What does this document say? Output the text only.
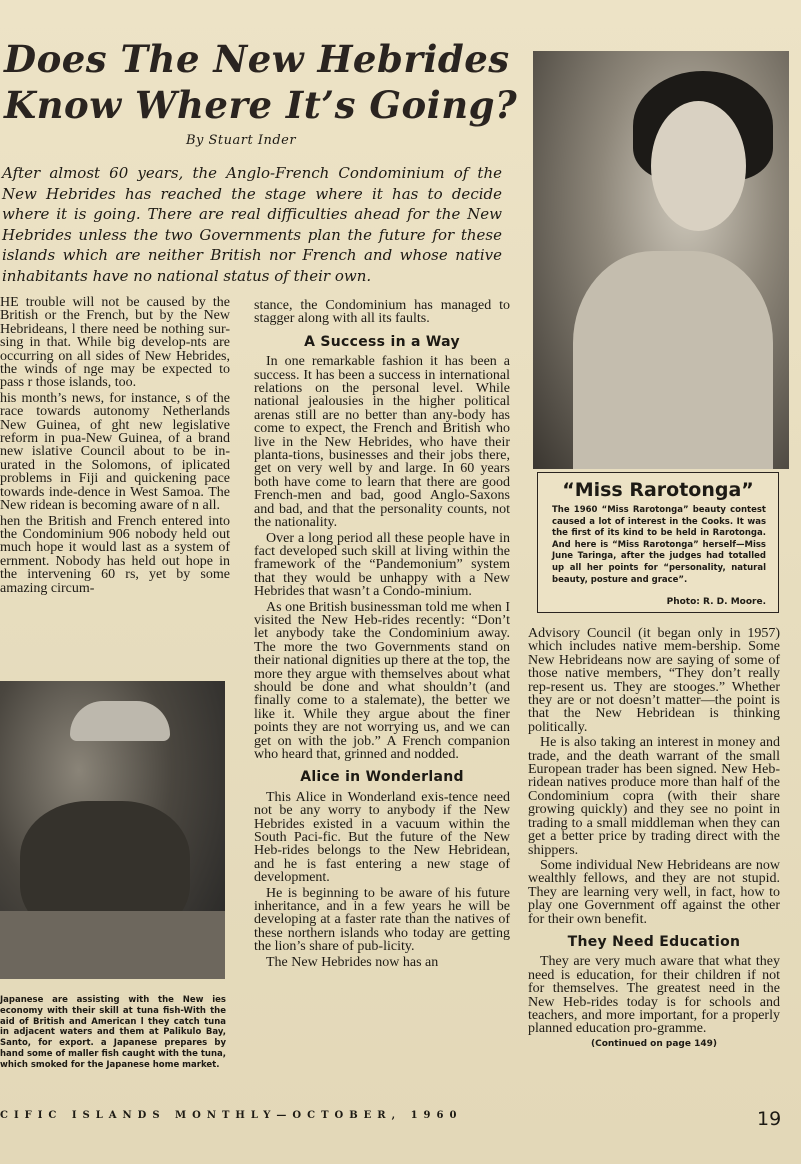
Does The New Hebrides
Know Where It’s Going?
By Stuart Inder

After almost 60 years, the Anglo-French Condominium of the New Hebrides has reached the stage where it has to decide where it is going. There are real difficulties ahead for the New Hebrides unless the two Governments plan the future for these islands which are neither British nor French and whose native inhabitants have no national status of their own.

HE trouble will not be caused by the British or the French, but by the New Hebrideans, l there need be nothing sur-sing in that. While big develop-nts are occurring on all sides of New Hebrides, the winds of nge may be expected to pass r those islands, too.

his month’s news, for instance, s of the race towards autonomy Netherlands New Guinea, of ght new legislative reform in pua-New Guinea, of a brand new islative Council about to be in-urated in the Solomons, of iplicated problems in Fiji and quickening pace towards inde-dence in West Samoa. The New ridean is becoming aware of n all.

hen the British and French entered into the Condominium 906 nobody held out much hope it would last as a system of ernment. Nobody has held out hope in the intervening 60 rs, yet by some amazing circum-

Japanese are assisting with the New ies economy with their skill at tuna fish-With the aid of British and American l they catch tuna in adjacent waters and them at Palikulo Bay, Santo, for export. a Japanese prepares by hand some of maller fish caught with the tuna, which smoked for the Japanese home market.

stance, the Condominium has managed to stagger along with all its faults.

A Success in a Way

In one remarkable fashion it has been a success. It has been a success in international relations on the personal level. While national jealousies in the higher political arenas still are no better than any-body has come to expect, the French and British who live in the New Hebrides, who have their planta-tions, businesses and their jobs there, get on very well by and large. In 60 years both have come to learn that there are good French-men and bad, good Anglo-Saxons and bad, and that the personality counts, not the nationality.

Over a long period all these people have in fact developed such skill at living within the framework of the “Pandemonium” system that they would be unhappy with a New Hebrides that wasn’t a Condo-minium.

As one British businessman told me when I visited the New Heb-rides recently: “Don’t let anybody take the Condominium away. The more the two Governments stand on their national dignities up there at the top, the more they argue with themselves about what should be done and what shouldn’t (and finally come to a stalemate), the better we like it. While they argue about the finer points they are not worrying us, and we can get on with the job.” A French companion who heard that, grinned and nodded.

Alice in Wonderland

This Alice in Wonderland exis-tence need not be any worry to anybody if the New Hebrides existed in a vacuum within the South Paci-fic. But the future of the New Heb-rides belongs to the New Hebridean, and he is fast entering a new stage of development.

He is beginning to be aware of his future inheritance, and in a few years he will be developing at a faster rate than the natives of these northern islands who today are getting the lion’s share of pub-licity.

The New Hebrides now has an

“Miss Rarotonga”
The 1960 “Miss Rarotonga” beauty contest caused a lot of interest in the Cooks. It was the first of its kind to be held in Rarotonga. And here is “Miss Rarotonga” herself—Miss June Taringa, after the judges had totalled up all her points for “personality, natural beauty, posture and grace”.
Photo: R. D. Moore.

Advisory Council (it began only in 1957) which includes native mem-bership. Some New Hebrideans now are saying of some of those native members, “They don’t really rep-resent us. They are stooges.” Whether they are or not doesn’t matter—the point is that the New Hebridean is thinking politically.

He is also taking an interest in money and trade, and the death warrant of the small European trader has been signed. New Heb-ridean natives produce more than half of the Condominium copra (with their share growing quickly) and they see no point in trading to a small middleman when they can get a better price by trading direct with the shippers.

Some individual New Hebrideans are now wealthly fellows, and they are not stupid. They are learning very well, in fact, how to play one Government off against the other for their own benefit.

They Need Education

They are very much aware that what they need is education, for their children if not for themselves. The greatest need in the New Heb-rides today is for schools and teachers, and more important, for a properly planned education pro-gramme.

(Continued on page 149)

CIFIC ISLANDS MONTHLY—OCTOBER, 1960	19
